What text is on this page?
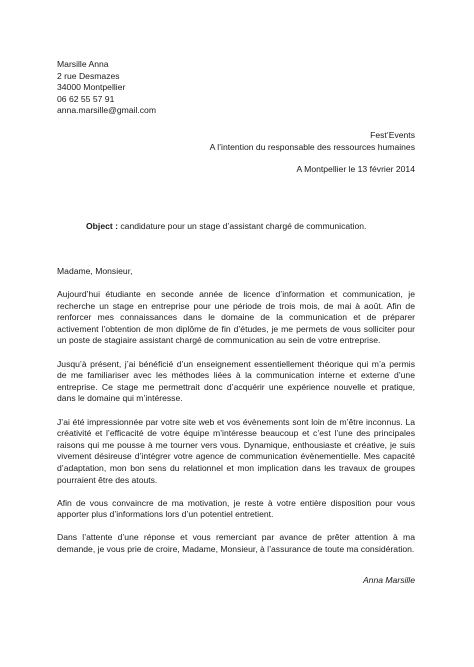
Marsille Anna
2 rue Desmazes
34000 Montpellier
06 62 55 57 91
anna.marsille@gmail.com
Fest’Events
A l’intention du responsable des ressources humaines
A Montpellier le 13 février 2014
Object : candidature pour un stage d’assistant chargé de communication.
Madame, Monsieur,

Aujourd’hui étudiante en seconde année de licence d’information et communication, je recherche un stage en entreprise pour une période de trois mois, de mai à août. Afin de renforcer mes connaissances dans le domaine de la communication et de préparer activement l’obtention de mon diplôme de fin d’études, je me permets de vous solliciter pour un poste de stagiaire assistant chargé de communication au sein de votre entreprise.

Jusqu’à présent, j’ai bénéficié d’un enseignement essentiellement théorique qui m’a permis de me familiariser avec les méthodes liées à la communication interne et externe d’une entreprise. Ce stage me permettrait donc d’acquérir une expérience nouvelle et pratique, dans le domaine qui m’intéresse.

J’ai été impressionnée par votre site web et vos évènements sont loin de m’être inconnus. La créativité et l’efficacité de votre équipe m’intéresse beaucoup et c’est l’une des principales raisons qui me pousse à me tourner vers vous. Dynamique, enthousiaste et créative, je suis vivement désireuse d’intégrer votre agence de communication évènementielle. Mes capacité d’adaptation, mon bon sens du relationnel et mon implication dans les travaux de groupes pourraient être des atouts.

Afin de vous convaincre de ma motivation, je reste à votre entière disposition pour vous apporter plus d’informations lors d’un potentiel entretient.

Dans l’attente d’une réponse et vous remerciant par avance de prêter attention à ma demande, je vous prie de croire, Madame, Monsieur, à l’assurance de toute ma considération.

Anna Marsille
